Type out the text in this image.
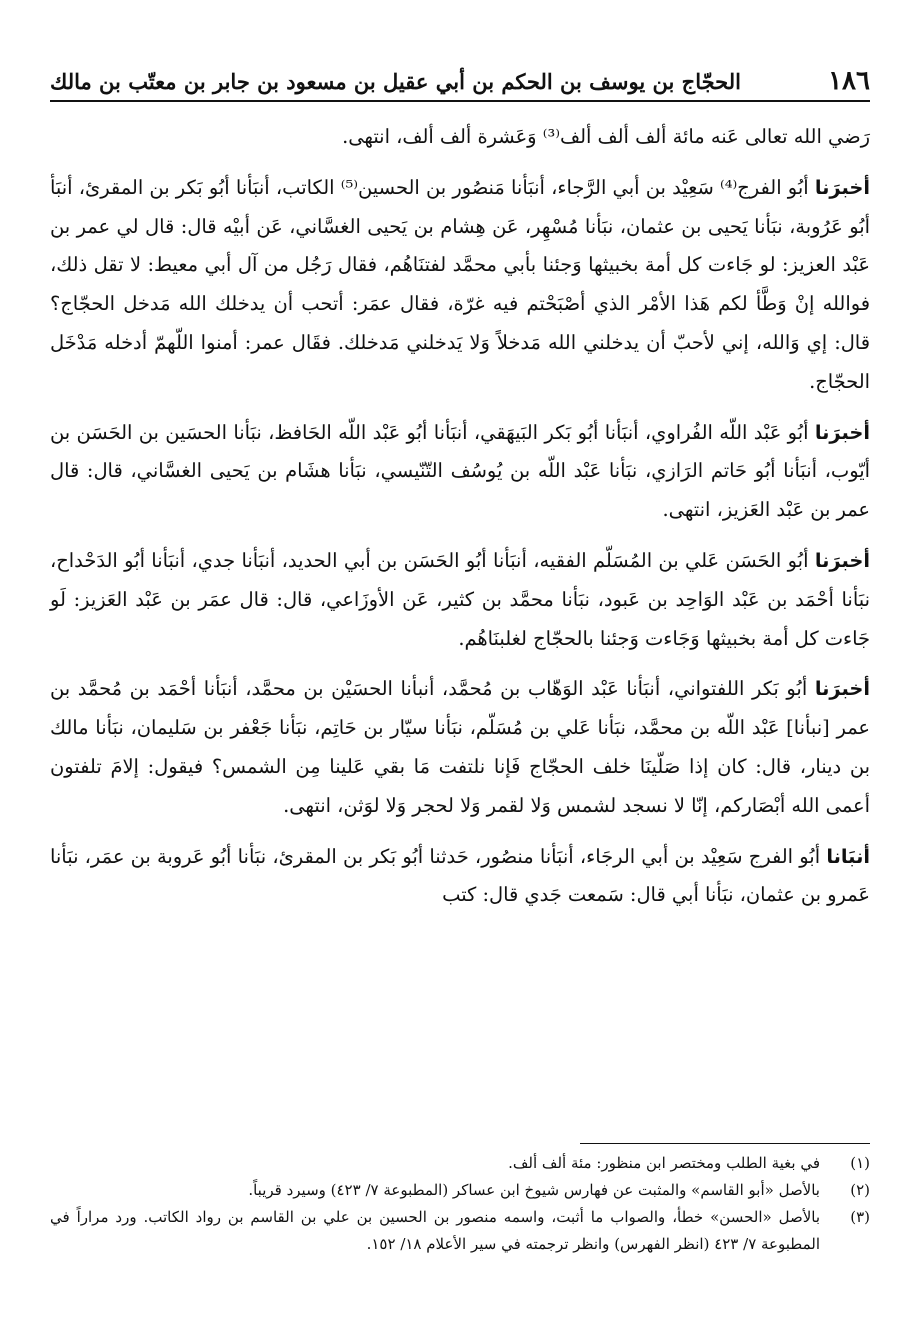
١٨٦
الحجّاج بن يوسف بن الحكم بن أبي عقيل بن مسعود بن جابر بن معتّب بن مالك

رَضي الله تعالى عَنه مائة ألف ألف ألف⁽³⁾ وَعَشرة ألف ألف، انتهى.

أخبرَنا أبُو الفرج⁽⁴⁾ سَعِيْد بن أبي الرَّجاء، أنبَأنا مَنصُور بن الحسين⁽⁵⁾ الكاتب، أنبَأنا أبُو بَكر بن المقرئ، أنبَأ أبُو عَرُوبة، نبَأنا يَحيى بن عثمان، نبَأنا مُسْهِر، عَن هِشام بن يَحيى الغسَّاني، عَن أبيْه قال: قال لي عمر بن عَبْد العزيز: لو جَاءت كل أمة بخبيثها وَجئنا بأبي محمَّد لفتنَاهُم، فقال رَجُل من آل أبي معيط: لا تقل ذلك، فوالله إنْ وَطَّأ لكم هَذا الأمْر الذي أصْبَحْتم فيه غرّة، فقال عمَر: أتحب أن يدخلك الله مَدخل الحجّاج؟ قال: إي وَالله، إني لأحبّ أن يدخلني الله مَدخلاً وَلا يَدخلني مَدخلك. فقَال عمر: أمنوا اللّهمّ أدخله مَدْخَل الحجّاج.

أخبرَنا أبُو عَبْد اللّه الفُراوي، أنبَأنا أبُو بَكر البَيهَقي، أنبَأنا أبُو عَبْد اللّه الحَافظ، نبَأنا الحسَين بن الحَسَن بن أيّوب، أنبَأنا أبُو حَاتم الرَازي، نبَأنا عَبْد اللّه بن يُوسُف التّنّيسي، نبَأنا هشَام بن يَحيى الغسَّاني، قال: قال عمر بن عَبْد العَزيز، انتهى.

أخبرَنا أبُو الحَسَن عَلي بن المُسَلّم الفقيه، أنبَأنا أبُو الحَسَن بن أبي الحديد، أنبَأنا جدي، أنبَأنا أبُو الدَحْداح، نبَأنا أحْمَد بن عَبْد الوَاحِد بن عَبود، نبَأنا محمَّد بن كثير، عَن الأوزَاعي، قال: قال عمَر بن عَبْد العَزيز: لَو جَاءت كل أمة بخبيثها وَجَاءت وَجئنا بالحجّاج لغلبنَاهُم.

أخبرَنا أبُو بَكر اللفتواني، أنبَأنا عَبْد الوَهّاب بن مُحمَّد، أنبأنا الحسَيْن بن محمَّد، أنبَأنا أحْمَد بن مُحمَّد بن عمر [نبأنا] عَبْد اللّه بن محمَّد، نبَأنا عَلي بن مُسَلّم، نبَأنا سيّار بن حَاتِم، نبَأنا جَعْفر بن سَليمان، نبَأنا مالك بن دينار، قال: كان إذا صَلّينَا خلف الحجّاج فَإنا نلتفت مَا بقي عَلينا مِن الشمس؟ فيقول: إلامَ تلفتون أعمى الله أبْصَاركم، إنّا لا نسجد لشمس وَلا لقمر وَلا لحجر وَلا لوَثن، انتهى.

أنبَانا أبُو الفرج سَعِيْد بن أبي الرجَاء، أنبَأنا منصُور، حَدثنا أبُو بَكر بن المقرئ، نبَأنا أبُو عَروبة بن عمَر، نبَأنا عَمرو بن عثمان، نبَأنا أبي قال: سَمعت جَدي قال: كتب

(١)
في بغية الطلب ومختصر ابن منظور: مئة ألف ألف.
(٢)
بالأصل «أبو القاسم» والمثبت عن فهارس شيوخ ابن عساكر (المطبوعة ٧/ ٤٢٣) وسيرد قريباً.
(٣)
بالأصل «الحسن» خطأ، والصواب ما أثبت، واسمه منصور بن الحسين بن علي بن القاسم بن رواد الكاتب. ورد مراراً في المطبوعة ٧/ ٤٢٣ (انظر الفهرس) وانظر ترجمته في سير الأعلام ١٨/ ١٥٢.
